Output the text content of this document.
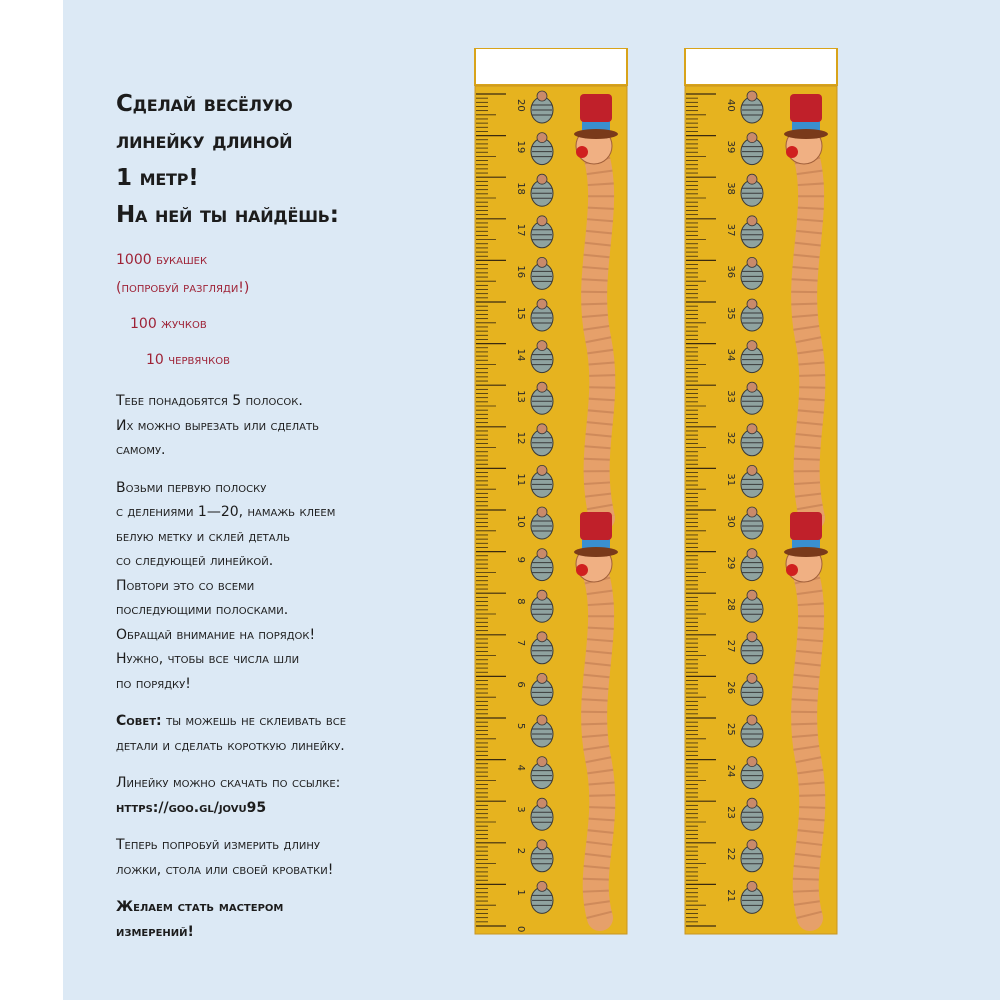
Сделай весёлую
линейку длиной
1 метр!
На ней ты найдёшь:
1000 букашек
(попробуй разгляди!)
100 жучков
10 червячков

Тебе понадобятся 5 полосок.
Их можно вырезать или сделать
самому.

Возьми первую полоску
с делениями 1—20, намажь клеем
белую метку и склей деталь
со следующей линейкой.
Повтори это со всеми
последующими полосками.
Обращай внимание на порядок!
Нужно, чтобы все числа шли
по порядку!

Совет: ты можешь не склеивать все
детали и сделать короткую линейку.

Линейку можно скачать по ссылке:
https://goo.gl/jovu95

Теперь попробуй измерить длину
ложки, стола или своей кроватки!

Желаем стать мастером
измерений!

20
19
18
17
16
15
14
13
12
11
10
9
8
7
6
5
4
3
2
1
0
40
39
38
37
36
35
34
33
32
31
30
29
28
27
26
25
24
23
22
21
